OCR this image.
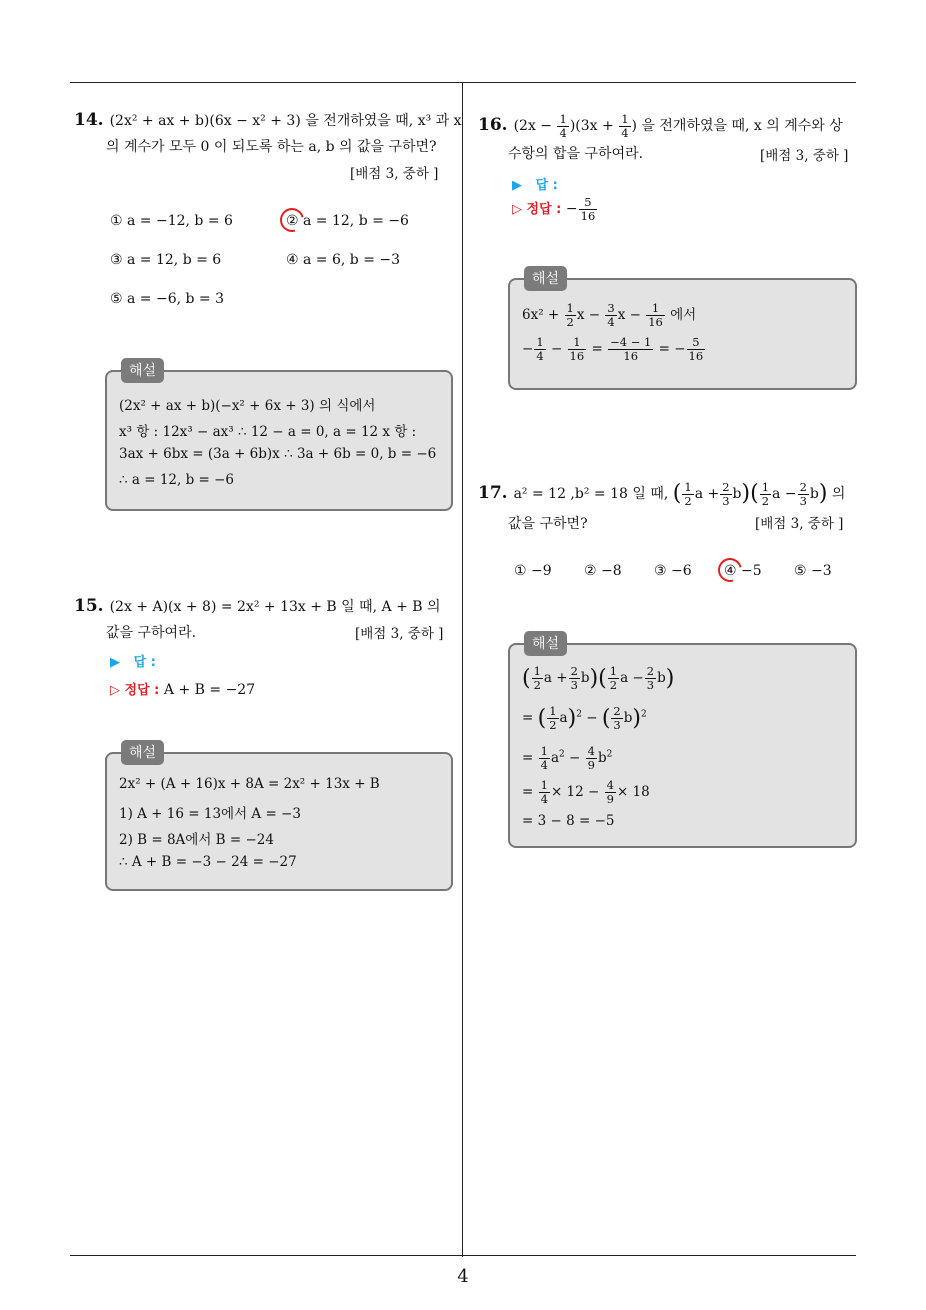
4
14. (2x² + ax + b)(6x − x² + 3) 을 전개하였을 때, x³ 과 x
의 계수가 모두 0 이 되도록 하는 a, b 의 값을 구하면?
[배점 3, 중하 ]
① a = −12, b = 6	② a = 12, b = −6
③ a = 12, b = 6	④ a = 6, b = −3
⑤ a = −6, b = 3
해설
(2x² + ax + b)(−x² + 6x + 3) 의 식에서
x³ 항 : 12x³ − ax³ ∴ 12 − a = 0, a = 12 x 항 :
3ax + 6bx = (3a + 6b)x ∴ 3a + 6b = 0, b = −6
∴ a = 12, b = −6
15. (2x + A)(x + 8) = 2x² + 13x + B 일 때, A + B 의
값을 구하여라.	[배점 3, 중하 ]
▶ 답 :
▷ 정답 : A + B = −27
해설
2x² + (A + 16)x + 8A = 2x² + 13x + B
1) A + 16 = 13에서 A = −3
2) B = 8A에서 B = −24
∴ A + B = −3 − 24 = −27
16. $(2x - \frac{1}{4} )(3x + \frac{1}{4}$ ) 을 전개하였을 때, x 의 계수와 상
수항의 합을 구하여라.	[배점 3, 중하 ]
▶ 답 :
▷ 정답 : − $\frac{5}{16}$
해설
$6x^2 + \frac{1}{2}$ $x - \frac{3}{4}$ $x - \frac{1}{16}$ 에서
− $\frac{1}{4} - \frac{1}{16} = \frac{-4 - 1}{16}$ = − $\frac{5}{16}$
17. a² = 12 ,b² = 18 일 때, ( $\frac{1}{2}$ $a + \frac{2}{3} b)( \frac{1}{2}$ $a - \frac{2}{3} b$) 의
값을 구하면?	[배점 3, 중하 ]
① −9 ② −8 ③ −6 ④ −5 ⑤ −3
해설
( $\frac{1}{2}$ $a + \frac{2}{3} b)( \frac{1}{2}$ $a - \frac{2}{3} b$)
= ( $\frac{1}{2} a)^2$ − ( $\frac{2}{3} b)^2$
= $\frac{1}{4} a^2 - \frac{4}{9} b^2$
= $\frac{1}{4} \times 12 - \frac{4}{9} \times 18$
= 3 − 8 = −5
